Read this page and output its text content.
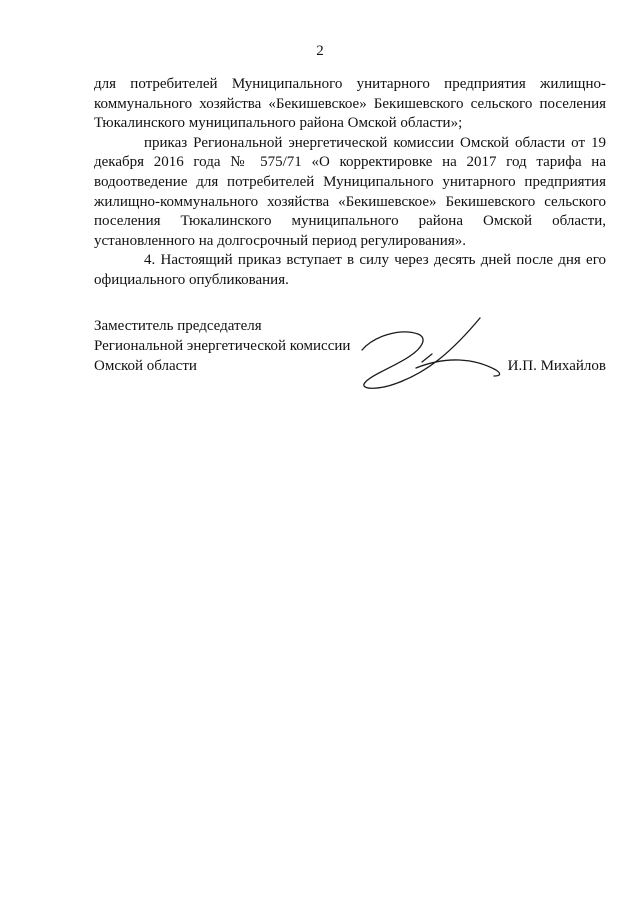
2

для потребителей Муниципального унитарного предприятия жилищно-коммунального хозяйства «Бекишевское» Бекишевского сельского поселения Тюкалинского муниципального района Омской области»;

приказ Региональной энергетической комиссии Омской области от 19 декабря 2016 года № 575/71 «О корректировке на 2017 год тарифа на водоотведение для потребителей Муниципального унитарного предприятия жилищно-коммунального хозяйства «Бекишевское» Бекишевского сельского поселения Тюкалинского муниципального района Омской области, установленного на долгосрочный период регулирования».

4. Настоящий приказ вступает в силу через десять дней после дня его официального опубликования.

Заместитель председателя
Региональной энергетической комиссии
Омской области	И.П. Михайлов
